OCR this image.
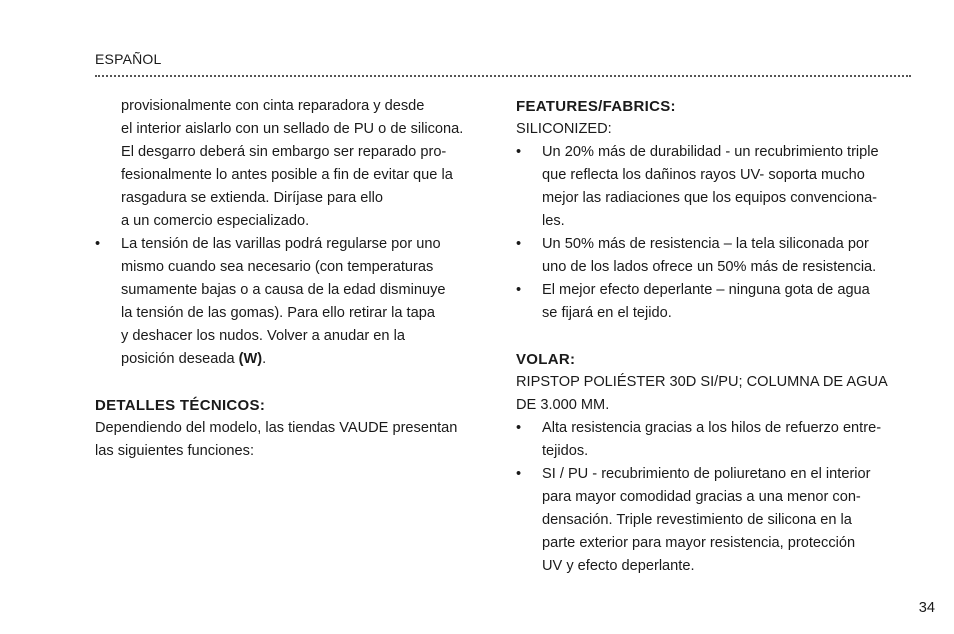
ESPAÑOL
provisionalmente con cinta reparadora y desde
el interior aislarlo con un sellado de PU o de silicona.
El desgarro deberá sin embargo ser reparado pro-
fesionalmente lo antes posible a fin de evitar que la
rasgadura se extienda. Diríjase para ello
a un comercio especializado.
•	La tensión de las varillas podrá regularse por uno
mismo cuando sea necesario (con temperaturas
sumamente bajas o a causa de la edad disminuye
la tensión de las gomas). Para ello retirar la tapa
y deshacer los nudos. Volver a anudar en la
posición deseada (W).
DETALLES TÉCNICOS:
Dependiendo del modelo, las tiendas VAUDE presentan
las siguientes funciones:
FEATURES/FABRICS:
SILICONIZED:
•	Un 20% más de durabilidad - un recubrimiento triple
que reflecta los dañinos rayos UV- soporta mucho
mejor las radiaciones que los equipos convenciona-
les.
•	Un 50% más de resistencia – la tela siliconada por
uno de los lados ofrece un 50% más de resistencia.
•	El mejor efecto deperlante – ninguna gota de agua
se fijará en el tejido.
VOLAR:
RIPSTOP POLIÉSTER 30D SI/PU; COLUMNA DE AGUA
DE 3.000 MM.
•	Alta resistencia gracias a los hilos de refuerzo entre-
tejidos.
•	SI / PU - recubrimiento de poliuretano en el interior
para mayor comodidad gracias a una menor con-
densación. Triple revestimiento de silicona en la
parte exterior para mayor resistencia, protección
UV y efecto deperlante.
34
